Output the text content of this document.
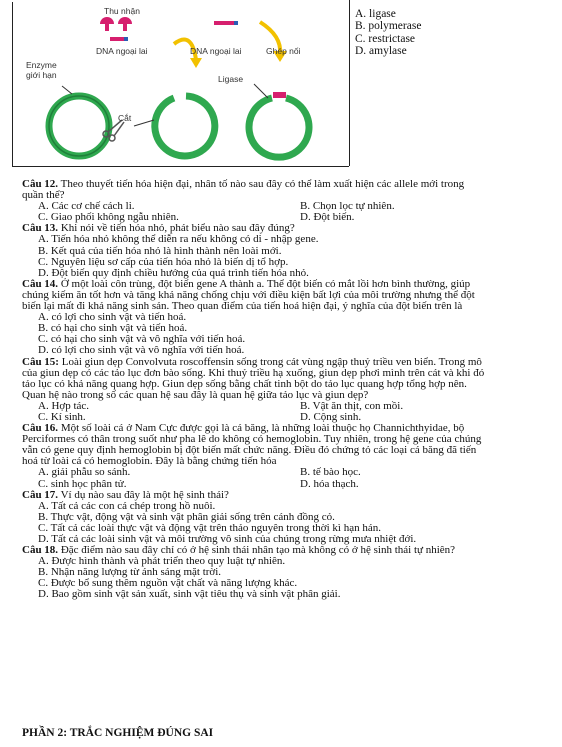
Thu nhận
DNA ngoại lai	DNA ngoại lai	Ghép nối
Enzyme
giới hạn	Ligase
Cắt
A. ligase
B. polymerase
C. restrictase
D. amylase
Câu 12. Theo thuyết tiến hóa hiện đại, nhân tố nào sau đây có thể làm xuất hiện các allele mới trong
quần thể?
A. Các cơ chế cách li.	B. Chọn lọc tự nhiên.
C. Giao phối không ngẫu nhiên.	D. Đột biến.
Câu 13. Khi nói về tiến hóa nhỏ, phát biểu nào sau đây đúng?
A. Tiến hóa nhỏ không thể diễn ra nếu không có di - nhập gene.
B. Kết quả của tiến hóa nhỏ là hình thành nên loài mới.
C. Nguyên liệu sơ cấp của tiến hóa nhỏ là biến dị tổ hợp.
D. Đột biến quy định chiều hướng của quá trình tiến hóa nhỏ.
Câu 14. Ở một loài côn trùng, đột biến gene A thành a. Thể đột biến có mắt lồi hơn bình thường, giúp
chúng kiếm ăn tốt hơn và tăng khả năng chống chịu với điều kiện bất lợi của môi trường nhưng thể đột
biến lại mất đi khả năng sinh sản. Theo quan điểm của tiến hoá hiện đại, ý nghĩa của đột biến trên là
A. có lợi cho sinh vật và tiến hoá.
B. có hại cho sinh vật và tiến hoá.
C. có hại cho sinh vật và vô nghĩa với tiến hoá.
D. có lợi cho sinh vật và vô nghĩa với tiến hoá.
Câu 15: Loài giun dẹp Convolvuta roscoffensin sống trong cát vùng ngập thuỷ triều ven biển. Trong mô
của giun dẹp có các tảo lục đơn bào sống. Khi thuỷ triều hạ xuống, giun dẹp phơi mình trên cát và khi đó
tảo lục có khả năng quang hợp. Giun dẹp sống bằng chất tinh bột do tảo lục quang hợp tổng hợp nên.
Quan hệ nào trong số các quan hệ sau đây là quan hệ giữa tảo lục và giun dẹp?
A. Hợp tác.	B. Vật ăn thịt, con mồi.
C. Kí sinh.	D. Cộng sinh.
Câu 16. Một số loài cá ở Nam Cực được gọi là cá băng, là những loài thuộc họ Channichthyidae, bộ
Perciformes có thân trong suốt như pha lê do không có hemoglobin. Tuy nhiên, trong hệ gene của chúng
vẫn có gene quy định hemoglobin bị đột biến mất chức năng. Điều đó chứng tỏ các loại cá băng đã tiến
hoá từ loài cá có hemoglobin. Đây là bằng chứng tiến hóa
A. giải phẫu so sánh.	B. tế bào học.
C. sinh học phân tử.	D. hóa thạch.
Câu 17. Ví dụ nào sau đây là một hệ sinh thái?
A. Tất cả các con cá chép trong hồ nuôi.
B. Thực vật, động vật và sinh vật phân giải sống trên cánh đồng cỏ.
C. Tất cả các loài thực vật và động vật trên thảo nguyên trong thời kì hạn hán.
D. Tất cả các loài sinh vật và môi trường vô sinh của chúng trong rừng mưa nhiệt đới.
Câu 18. Đặc điểm nào sau đây chỉ có ở hệ sinh thái nhân tạo mà không có ở hệ sinh thái tự nhiên?
A. Được hình thành và phát triển theo quy luật tự nhiên.
B. Nhận năng lượng từ ánh sáng mặt trời.
C. Được bổ sung thêm nguồn vật chất và năng lượng khác.
D. Bao gồm sinh vật sản xuất, sinh vật tiêu thụ và sinh vật phân giải.
PHẦN 2: TRẮC NGHIỆM ĐÚNG SAI
